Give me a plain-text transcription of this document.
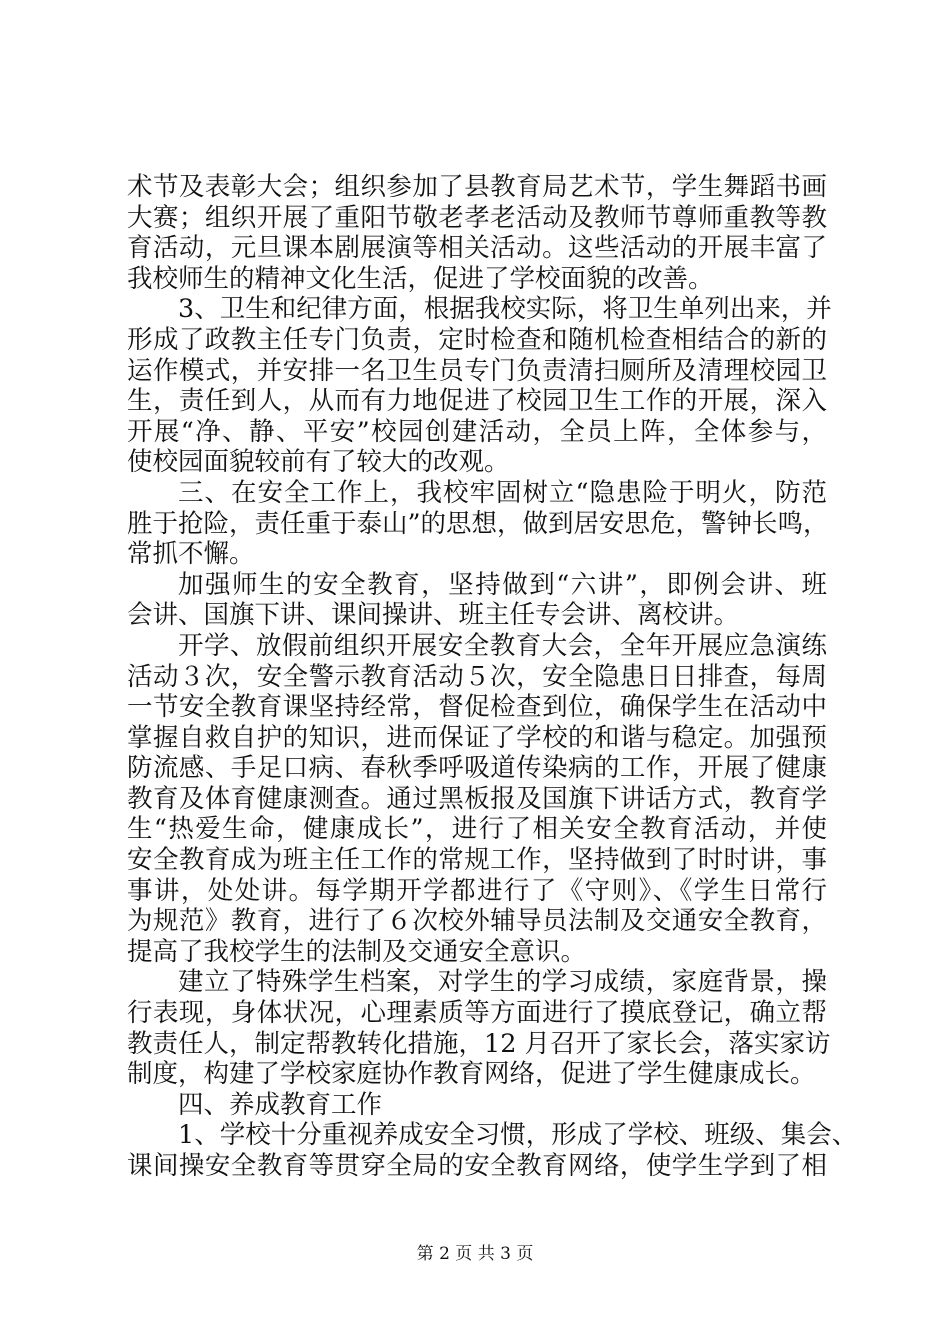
术节及表彰大会；组织参加了县教育局艺术节，学生舞蹈书画
大赛；组织开展了重阳节敬老孝老活动及教师节尊师重教等教
育活动，元旦课本剧展演等相关活动。这些活动的开展丰富了
我校师生的精神文化生活，促进了学校面貌的改善。
3、卫生和纪律方面，根据我校实际，将卫生单列出来，并
形成了政教主任专门负责，定时检查和随机检查相结合的新的
运作模式，并安排一名卫生员专门负责清扫厕所及清理校园卫
生，责任到人，从而有力地促进了校园卫生工作的开展，深入
开展“净、静、平安”校园创建活动，全员上阵，全体参与，
使校园面貌较前有了较大的改观。
三、在安全工作上，我校牢固树立“隐患险于明火，防范
胜于抢险，责任重于泰山”的思想，做到居安思危，警钟长鸣，
常抓不懈。
加强师生的安全教育，坚持做到“六讲”，即例会讲、班
会讲、国旗下讲、课间操讲、班主任专会讲、离校讲。
开学、放假前组织开展安全教育大会，全年开展应急演练
活动３次，安全警示教育活动５次，安全隐患日日排查，每周
一节安全教育课坚持经常，督促检查到位，确保学生在活动中
掌握自救自护的知识，进而保证了学校的和谐与稳定。加强预
防流感、手足口病、春秋季呼吸道传染病的工作，开展了健康
教育及体育健康测查。通过黑板报及国旗下讲话方式，教育学
生“热爱生命，健康成长”，进行了相关安全教育活动，并使
安全教育成为班主任工作的常规工作，坚持做到了时时讲，事
事讲，处处讲。每学期开学都进行了《守则》、《学生日常行
为规范》教育，进行了６次校外辅导员法制及交通安全教育，
提高了我校学生的法制及交通安全意识。
建立了特殊学生档案，对学生的学习成绩，家庭背景，操
行表现，身体状况，心理素质等方面进行了摸底登记，确立帮
教责任人，制定帮教转化措施，12 月召开了家长会，落实家访
制度，构建了学校家庭协作教育网络，促进了学生健康成长。
四、养成教育工作
1、学校十分重视养成安全习惯，形成了学校、班级、集会、
课间操安全教育等贯穿全局的安全教育网络，使学生学到了相
第 2 页 共 3 页
